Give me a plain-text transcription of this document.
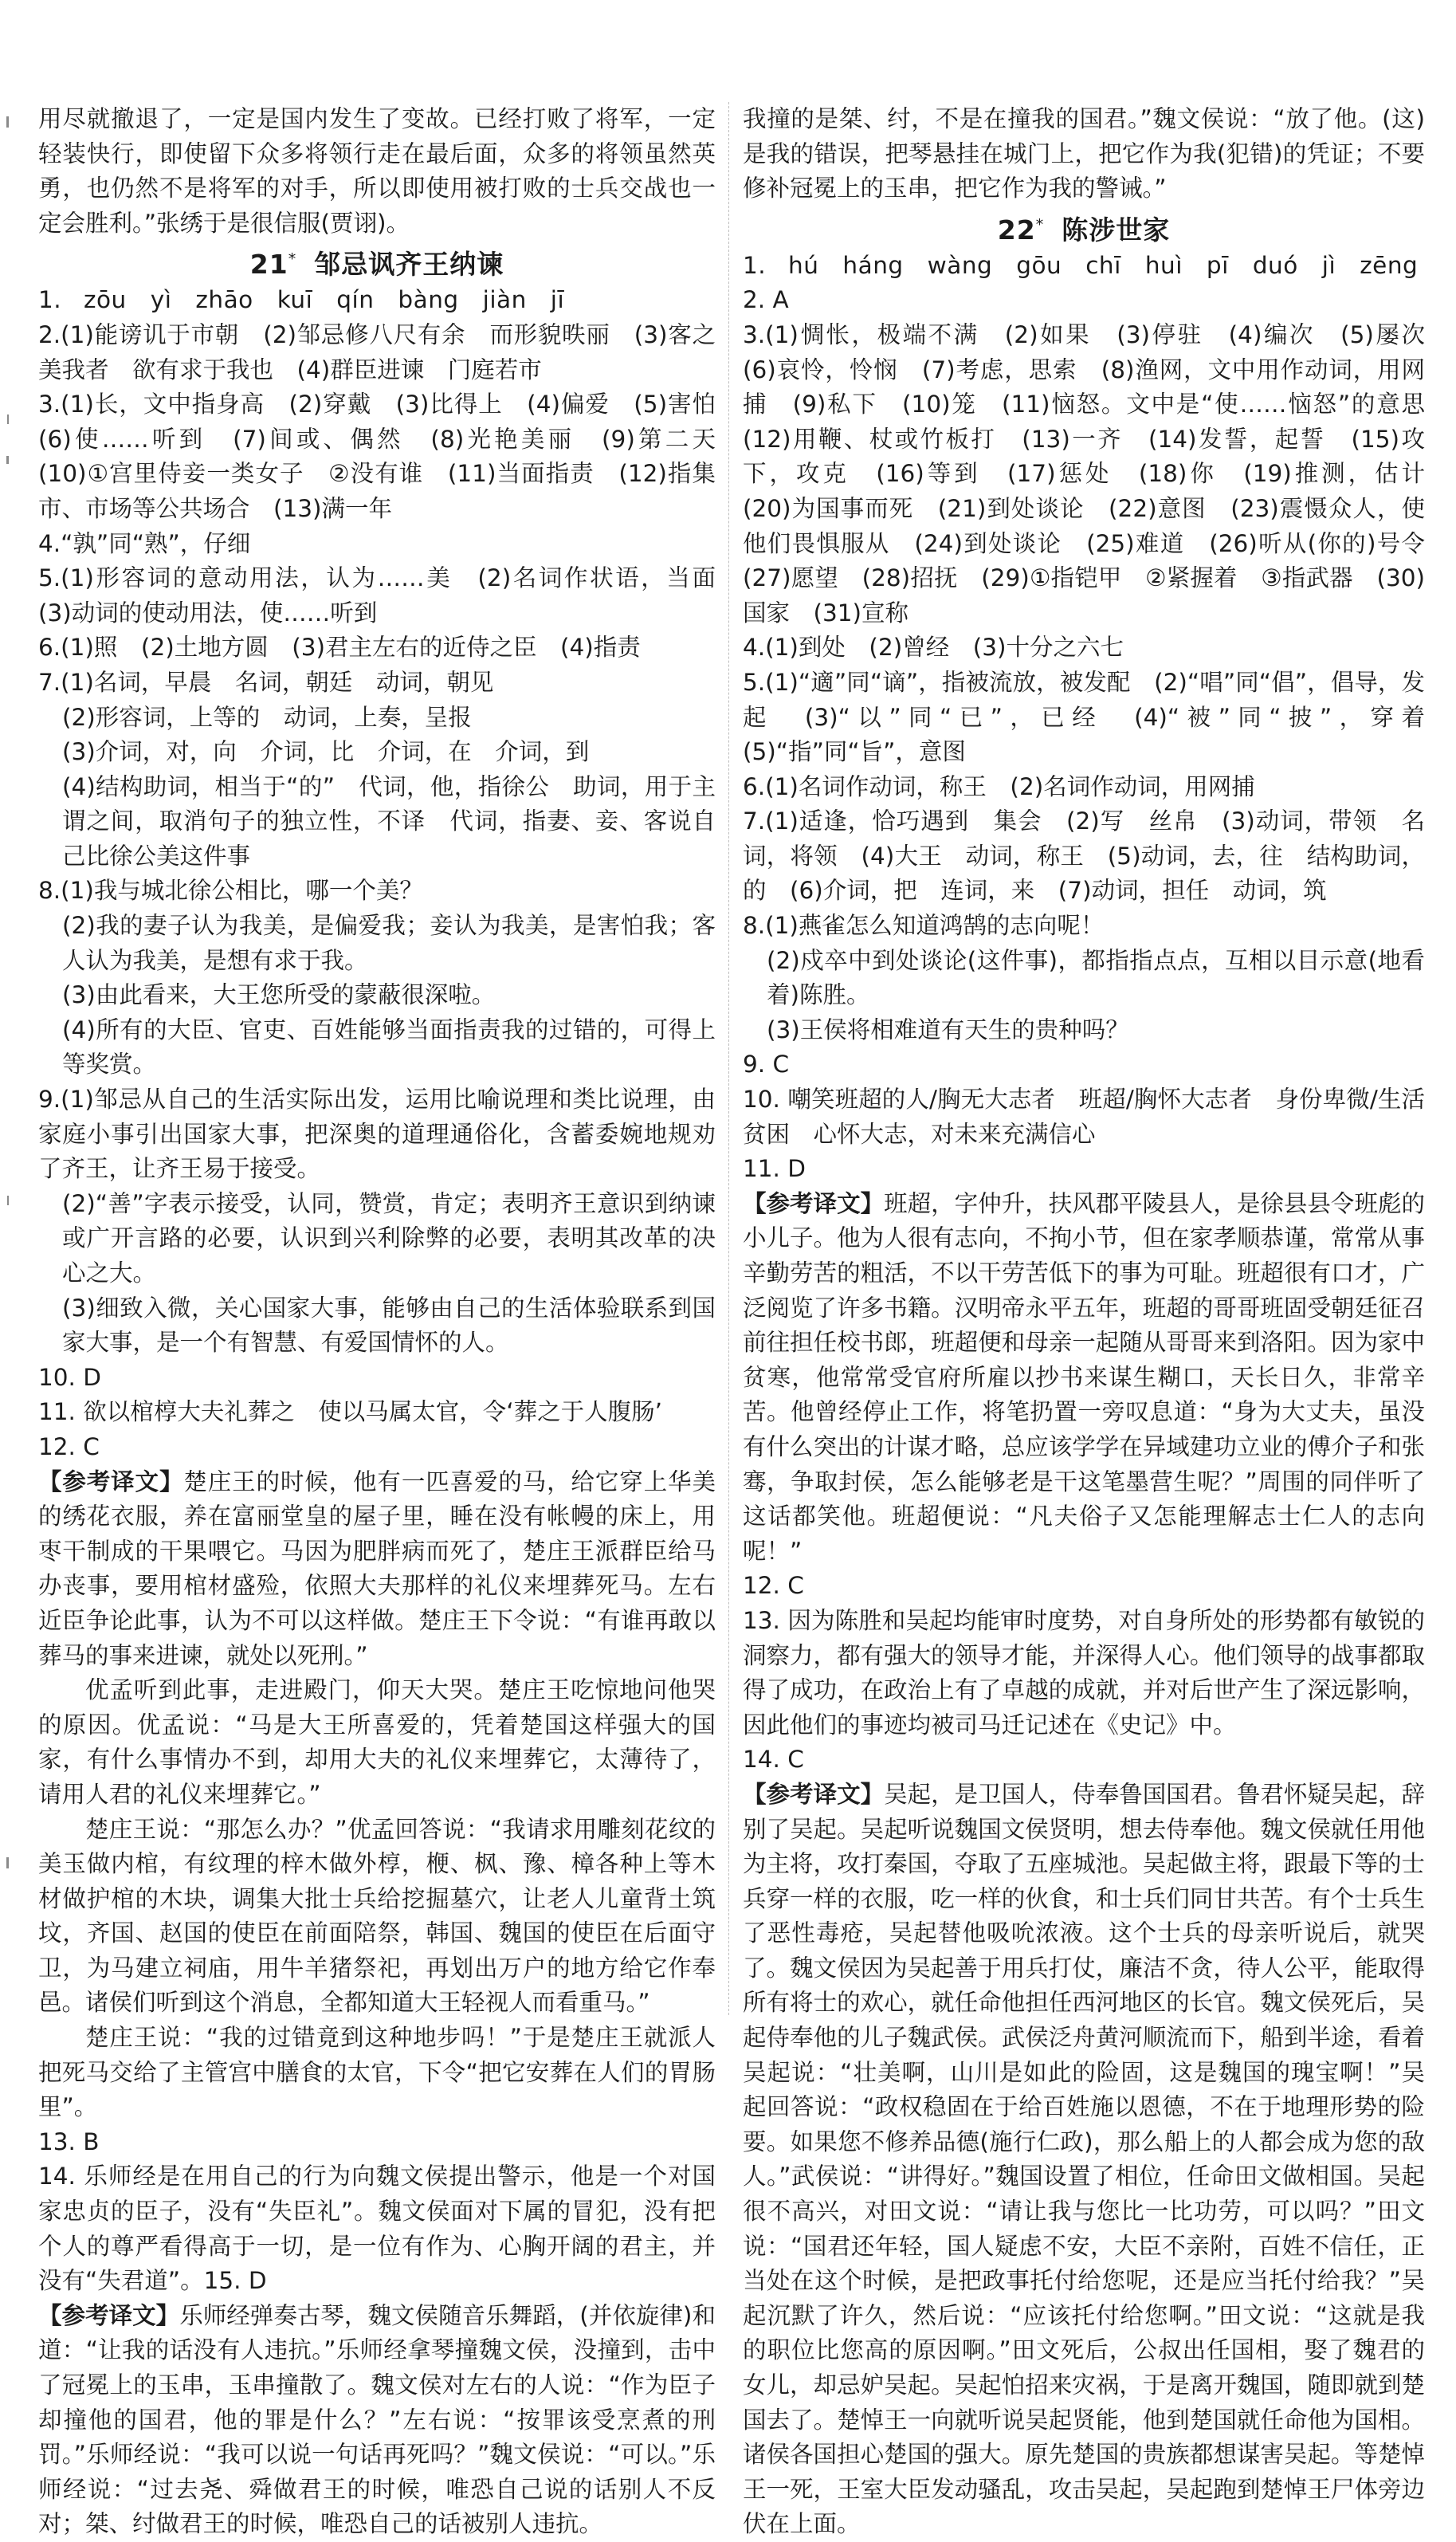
用尽就撤退了，一定是国内发生了变故。已经打败了将军，一定轻装快行，即使留下众多将领行走在最后面，众多的将领虽然英勇，也仍然不是将军的对手，所以即使用被打败的士兵交战也一定会胜利。”张绣于是很信服(贾诩)。

21* 邹忌讽齐王纳谏

1. zōu　yì　zhāo　kuī　qín　bàng　jiàn　jī

2.(1)能谤讥于市朝　(2)邹忌修八尺有余　而形貌昳丽　(3)客之美我者　欲有求于我也　(4)群臣进谏　门庭若市

3.(1)长，文中指身高　(2)穿戴　(3)比得上　(4)偏爱　(5)害怕　(6)使……听到　(7)间或、偶然　(8)光艳美丽　(9)第二天　(10)①宫里侍妾一类女子　②没有谁　(11)当面指责　(12)指集市、市场等公共场合　(13)满一年

4.“孰”同“熟”，仔细

5.(1)形容词的意动用法，认为……美　(2)名词作状语，当面　(3)动词的使动用法，使……听到

6.(1)照　(2)土地方圆　(3)君主左右的近侍之臣　(4)指责

7.(1)名词，早晨　名词，朝廷　动词，朝见

(2)形容词，上等的　动词，上奏，呈报

(3)介词，对，向　介词，比　介词，在　介词，到

(4)结构助词，相当于“的”　代词，他，指徐公　助词，用于主谓之间，取消句子的独立性，不译　代词，指妻、妾、客说自己比徐公美这件事

8.(1)我与城北徐公相比，哪一个美？

(2)我的妻子认为我美，是偏爱我；妾认为我美，是害怕我；客人认为我美，是想有求于我。

(3)由此看来，大王您所受的蒙蔽很深啦。

(4)所有的大臣、官吏、百姓能够当面指责我的过错的，可得上等奖赏。

9.(1)邹忌从自己的生活实际出发，运用比喻说理和类比说理，由家庭小事引出国家大事，把深奥的道理通俗化，含蓄委婉地规劝了齐王，让齐王易于接受。

(2)“善”字表示接受，认同，赞赏，肯定；表明齐王意识到纳谏或广开言路的必要，认识到兴利除弊的必要，表明其改革的决心之大。

(3)细致入微，关心国家大事，能够由自己的生活体验联系到国家大事，是一个有智慧、有爱国情怀的人。

10. D

11. 欲以棺椁大夫礼葬之　使以马属太官，令‘葬之于人腹肠’

12. C

【参考译文】楚庄王的时候，他有一匹喜爱的马，给它穿上华美的绣花衣服，养在富丽堂皇的屋子里，睡在没有帐幔的床上，用枣干制成的干果喂它。马因为肥胖病而死了，楚庄王派群臣给马办丧事，要用棺材盛殓，依照大夫那样的礼仪来埋葬死马。左右近臣争论此事，认为不可以这样做。楚庄王下令说：“有谁再敢以葬马的事来进谏，就处以死刑。”

优孟听到此事，走进殿门，仰天大哭。楚庄王吃惊地问他哭的原因。优孟说：“马是大王所喜爱的，凭着楚国这样强大的国家，有什么事情办不到，却用大夫的礼仪来埋葬它，太薄待了，请用人君的礼仪来埋葬它。”

楚庄王说：“那怎么办？”优孟回答说：“我请求用雕刻花纹的美玉做内棺，有纹理的梓木做外椁，楩、枫、豫、樟各种上等木材做护棺的木块，调集大批士兵给挖掘墓穴，让老人儿童背土筑坟，齐国、赵国的使臣在前面陪祭，韩国、魏国的使臣在后面守卫，为马建立祠庙，用牛羊猪祭祀，再划出万户的地方给它作奉邑。诸侯们听到这个消息，全都知道大王轻视人而看重马。”

楚庄王说：“我的过错竟到这种地步吗！”于是楚庄王就派人把死马交给了主管宫中膳食的太官，下令“把它安葬在人们的胃肠里”。

13. B

14. 乐师经是在用自己的行为向魏文侯提出警示，他是一个对国家忠贞的臣子，没有“失臣礼”。魏文侯面对下属的冒犯，没有把个人的尊严看得高于一切，是一位有作为、心胸开阔的君主，并没有“失君道”。15. D

【参考译文】乐师经弹奏古琴，魏文侯随音乐舞蹈，(并依旋律)和道：“让我的话没有人违抗。”乐师经拿琴撞魏文侯，没撞到，击中了冠冕上的玉串，玉串撞散了。魏文侯对左右的人说：“作为臣子却撞他的国君，他的罪是什么？”左右说：“按罪该受烹煮的刑罚。”乐师经说：“我可以说一句话再死吗？”魏文侯说：“可以。”乐师经说：“过去尧、舜做君王的时候，唯恐自己说的话别人不反对；桀、纣做君王的时候，唯恐自己的话被别人违抗。

我撞的是桀、纣，不是在撞我的国君。”魏文侯说：“放了他。(这)是我的错误，把琴悬挂在城门上，把它作为我(犯错)的凭证；不要修补冠冕上的玉串，把它作为我的警诫。”

22* 陈涉世家

1. hú　háng　wàng　gōu　chī　huì　pī　duó　jì　zēng

2. A

3.(1)惆怅，极端不满　(2)如果　(3)停驻　(4)编次　(5)屡次　(6)哀怜，怜悯　(7)考虑，思索　(8)渔网，文中用作动词，用网捕　(9)私下　(10)笼　(11)恼怒。文中是“使……恼怒”的意思　(12)用鞭、杖或竹板打　(13)一齐　(14)发誓，起誓　(15)攻下，攻克　(16)等到　(17)惩处　(18)你　(19)推测，估计　(20)为国事而死　(21)到处谈论　(22)意图　(23)震慑众人，使他们畏惧服从　(24)到处谈论　(25)难道　(26)听从(你的)号令　(27)愿望　(28)招抚　(29)①指铠甲　②紧握着　③指武器　(30)国家　(31)宣称

4.(1)到处　(2)曾经　(3)十分之六七

5.(1)“適”同“谪”，指被流放，被发配　(2)“唱”同“倡”，倡导，发起　(3)“以”同“已”，已经　(4)“被”同“披”，穿着　(5)“指”同“旨”，意图

6.(1)名词作动词，称王　(2)名词作动词，用网捕

7.(1)适逢，恰巧遇到　集会　(2)写　丝帛　(3)动词，带领　名词，将领　(4)大王　动词，称王　(5)动词，去，往　结构助词，的　(6)介词，把　连词，来　(7)动词，担任　动词，筑

8.(1)燕雀怎么知道鸿鹄的志向呢！

(2)戍卒中到处谈论(这件事)，都指指点点，互相以目示意(地看着)陈胜。

(3)王侯将相难道有天生的贵种吗？

9. C

10. 嘲笑班超的人/胸无大志者　班超/胸怀大志者　身份卑微/生活贫困　心怀大志，对未来充满信心

11. D

【参考译文】班超，字仲升，扶风郡平陵县人，是徐县县令班彪的小儿子。他为人很有志向，不拘小节，但在家孝顺恭谨，常常从事辛勤劳苦的粗活，不以干劳苦低下的事为可耻。班超很有口才，广泛阅览了许多书籍。汉明帝永平五年，班超的哥哥班固受朝廷征召前往担任校书郎，班超便和母亲一起随从哥哥来到洛阳。因为家中贫寒，他常常受官府所雇以抄书来谋生糊口，天长日久，非常辛苦。他曾经停止工作，将笔扔置一旁叹息道：“身为大丈夫，虽没有什么突出的计谋才略，总应该学学在异域建功立业的傅介子和张骞，争取封侯，怎么能够老是干这笔墨营生呢？”周围的同伴听了这话都笑他。班超便说：“凡夫俗子又怎能理解志士仁人的志向呢！”

12. C

13. 因为陈胜和吴起均能审时度势，对自身所处的形势都有敏锐的洞察力，都有强大的领导才能，并深得人心。他们领导的战事都取得了成功，在政治上有了卓越的成就，并对后世产生了深远影响，因此他们的事迹均被司马迁记述在《史记》中。

14. C

【参考译文】吴起，是卫国人，侍奉鲁国国君。鲁君怀疑吴起，辞别了吴起。吴起听说魏国文侯贤明，想去侍奉他。魏文侯就任用他为主将，攻打秦国，夺取了五座城池。吴起做主将，跟最下等的士兵穿一样的衣服，吃一样的伙食，和士兵们同甘共苦。有个士兵生了恶性毒疮，吴起替他吸吮浓液。这个士兵的母亲听说后，就哭了。魏文侯因为吴起善于用兵打仗，廉洁不贪，待人公平，能取得所有将士的欢心，就任命他担任西河地区的长官。魏文侯死后，吴起侍奉他的儿子魏武侯。武侯泛舟黄河顺流而下，船到半途，看着吴起说：“壮美啊，山川是如此的险固，这是魏国的瑰宝啊！”吴起回答说：“政权稳固在于给百姓施以恩德，不在于地理形势的险要。如果您不修养品德(施行仁政)，那么船上的人都会成为您的敌人。”武侯说：“讲得好。”魏国设置了相位，任命田文做相国。吴起很不高兴，对田文说：“请让我与您比一比功劳，可以吗？”田文说：“国君还年轻，国人疑虑不安，大臣不亲附，百姓不信任，正当处在这个时候，是把政事托付给您呢，还是应当托付给我？”吴起沉默了许久，然后说：“应该托付给您啊。”田文说：“这就是我的职位比您高的原因啊。”田文死后，公叔出任国相，娶了魏君的女儿，却忌妒吴起。吴起怕招来灾祸，于是离开魏国，随即就到楚国去了。楚悼王一向就听说吴起贤能，他到楚国就任命他为国相。诸侯各国担心楚国的强大。原先楚国的贵族都想谋害吴起。等楚悼王一死，王室大臣发动骚乱，攻击吴起，吴起跑到楚悼王尸体旁边伏在上面。
